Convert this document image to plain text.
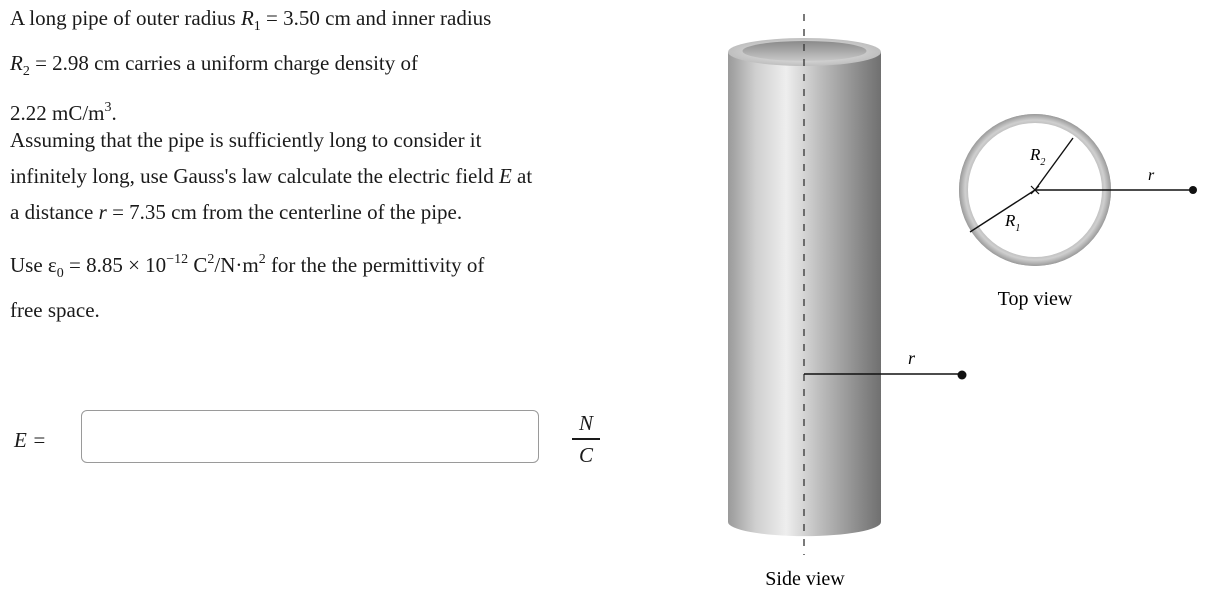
A long pipe of outer radius $R_1 = 3.50$ cm and inner radius
$R_2 = 2.98$ cm carries a uniform charge density of
2.22 $mC/m^3$.

Assuming that the pipe is sufficiently long to consider it
infinitely long, use Gauss's law calculate the electric field E at
a distance r = 7.35 cm from the centerline of the pipe.

Use $\varepsilon_0 = 8.85 \times 10^{-12}$ $C^2/N\cdot m^2$ for the the permittivity of
free space.

E =
N
C
r
Side view
$R_2$
$R_1$
r
Top view
